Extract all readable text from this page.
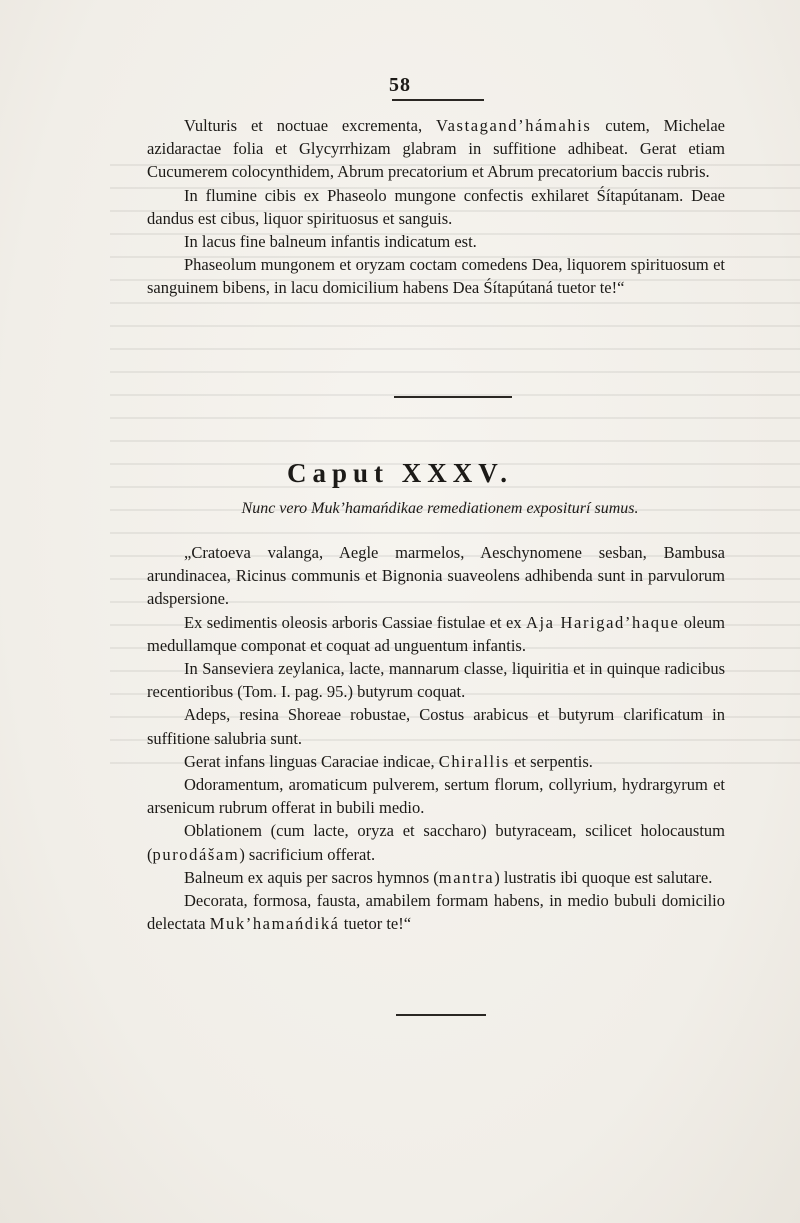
58

Vulturis et noctuae excrementa, Vastagand’hámahis cutem, Michelae azidaractae folia et Glycyrrhizam glabram in suffitione adhibeat. Gerat etiam Cucumerem colocynthidem, Abrum precatorium et Abrum precatorium baccis rubris.

In flumine cibis ex Phaseolo mungone confectis exhilaret Śítapútanam. Deae dandus est cibus, liquor spirituosus et sanguis.

In lacus fine balneum infantis indicatum est.

Phaseolum mungonem et oryzam coctam comedens Dea, liquorem spirituosum et sanguinem bibens, in lacu domicilium habens Dea Śítapútaná tuetor te!“

Caput XXXV.
Nunc vero Muk’hamańdikae remediationem expositurí sumus.

„Cratoeva valanga, Aegle marmelos, Aeschynomene sesban, Bambusa arundinacea, Ricinus communis et Bignonia suaveolens adhibenda sunt in parvulorum adspersione.

Ex sedimentis oleosis arboris Cassiae fistulae et ex Aja Harigad’haque oleum medullamque componat et coquat ad unguentum infantis.

In Sanseviera zeylanica, lacte, mannarum classe, liquiritia et in quinque radicibus recentioribus (Tom. I. pag. 95.) butyrum coquat.

Adeps, resina Shoreae robustae, Costus arabicus et butyrum clarificatum in suffitione salubria sunt.

Gerat infans linguas Caraciae indicae, Chirallis et serpentis.

Odoramentum, aromaticum pulverem, sertum florum, collyrium, hydrargyrum et arsenicum rubrum offerat in bubili medio.

Oblationem (cum lacte, oryza et saccharo) butyraceam, scilicet holocaustum (purodášam) sacrificium offerat.

Balneum ex aquis per sacros hymnos (mantra) lustratis ibi quoque est salutare.

Decorata, formosa, fausta, amabilem formam habens, in medio bubuli domicilio delectata Muk’hamańdiká tuetor te!“
